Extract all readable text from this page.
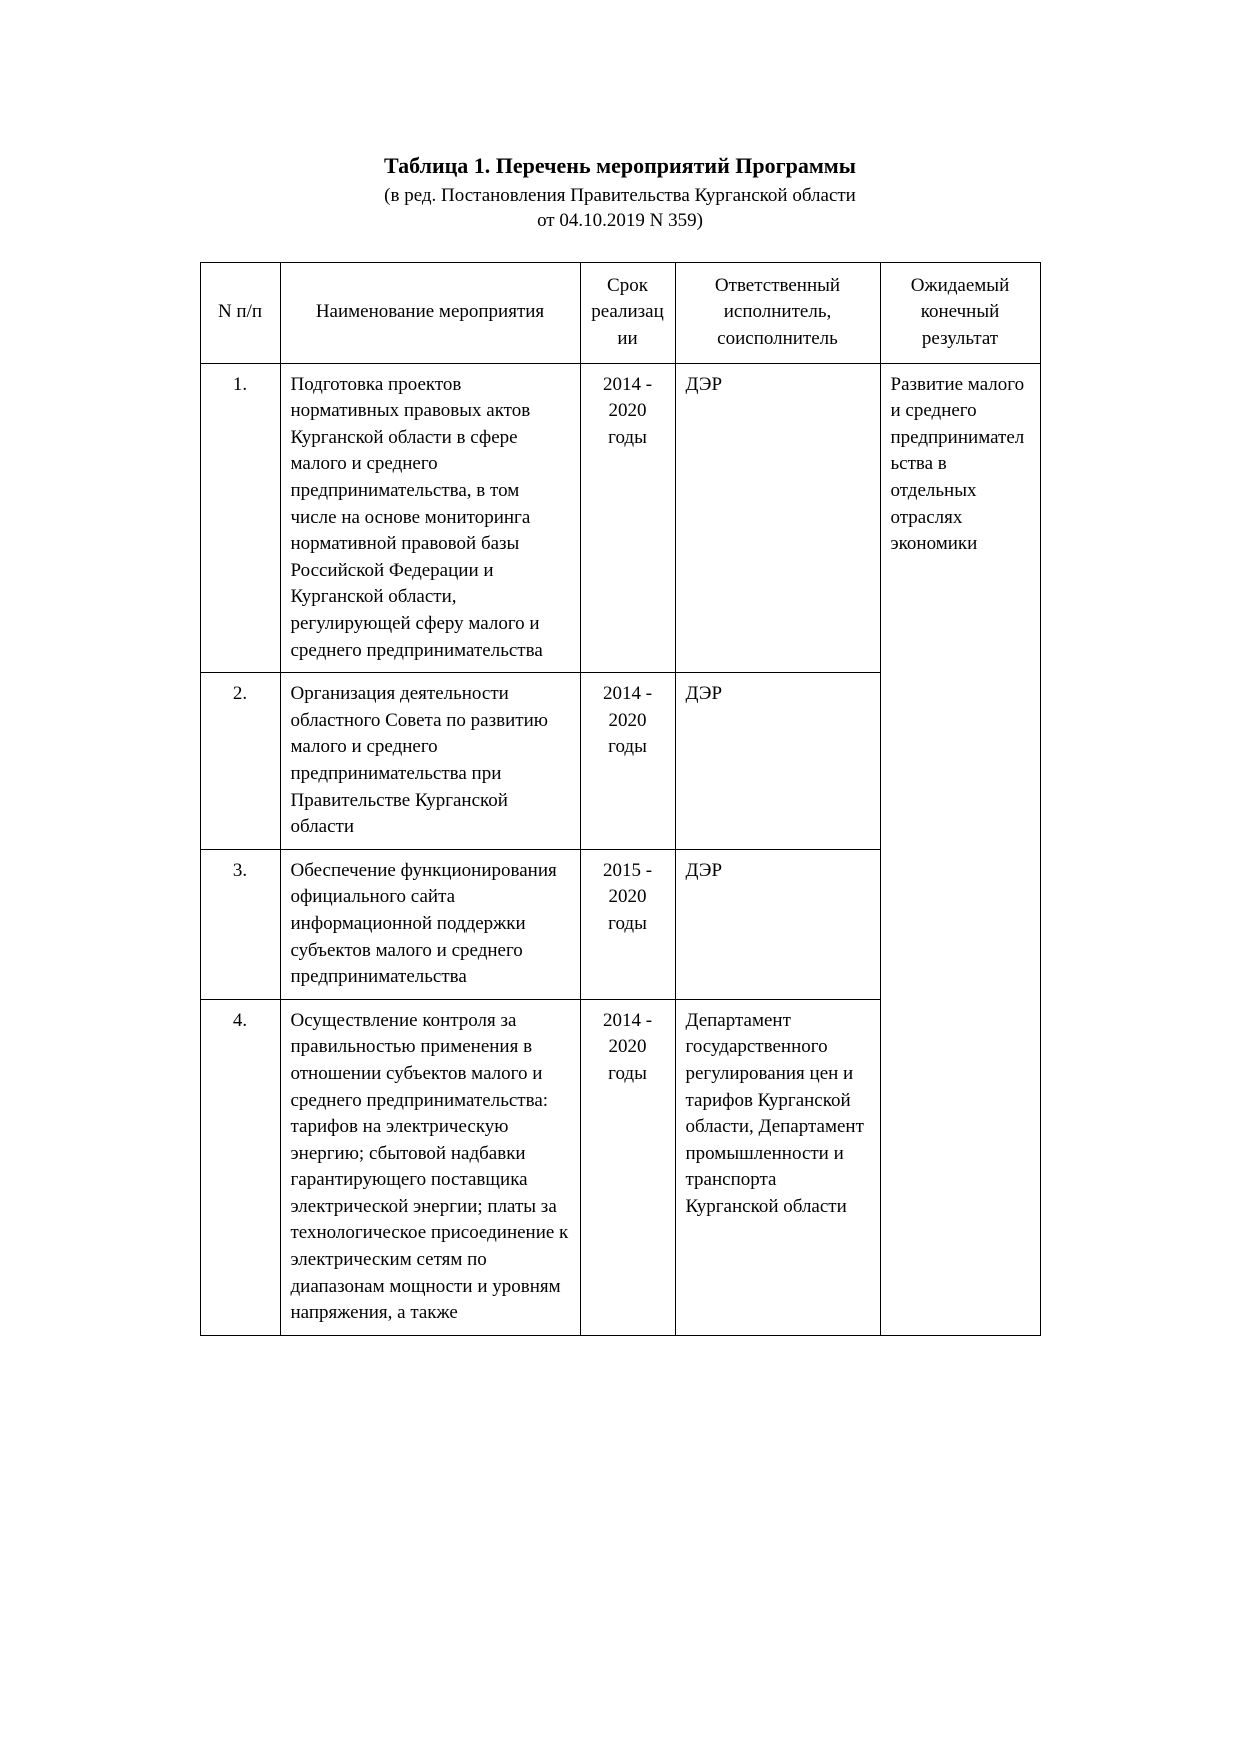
Таблица 1. Перечень мероприятий Программы

(в ред. Постановления Правительства Курганской области
от 04.10.2019 N 359)

N п/п	Наименование мероприятия	Срок реализации	Ответственный исполнитель, соисполнитель	Ожидаемый конечный результат
1.	Подготовка проектов нормативных правовых актов Курганской области в сфере малого и среднего предпринимательства, в том числе на основе мониторинга нормативной правовой базы Российской Федерации и Курганской области, регулирующей сферу малого и среднего предпринимательства	2014 - 2020 годы	ДЭР	Развитие малого и среднего предпринимательства в отдельных отраслях экономики
2.	Организация деятельности областного Совета по развитию малого и среднего предпринимательства при Правительстве Курганской области	2014 - 2020 годы	ДЭР	
3.	Обеспечение функционирования официального сайта информационной поддержки субъектов малого и среднего предпринимательства	2015 - 2020 годы	ДЭР	
4.	Осуществление контроля за правильностью применения в отношении субъектов малого и среднего предпринимательства: тарифов на электрическую энергию; сбытовой надбавки гарантирующего поставщика электрической энергии; платы за технологическое присоединение к электрическим сетям по диапазонам мощности и уровням напряжения, а также	2014 - 2020 годы	Департамент государственного регулирования цен и тарифов Курганской области, Департамент промышленности и транспорта Курганской области	
